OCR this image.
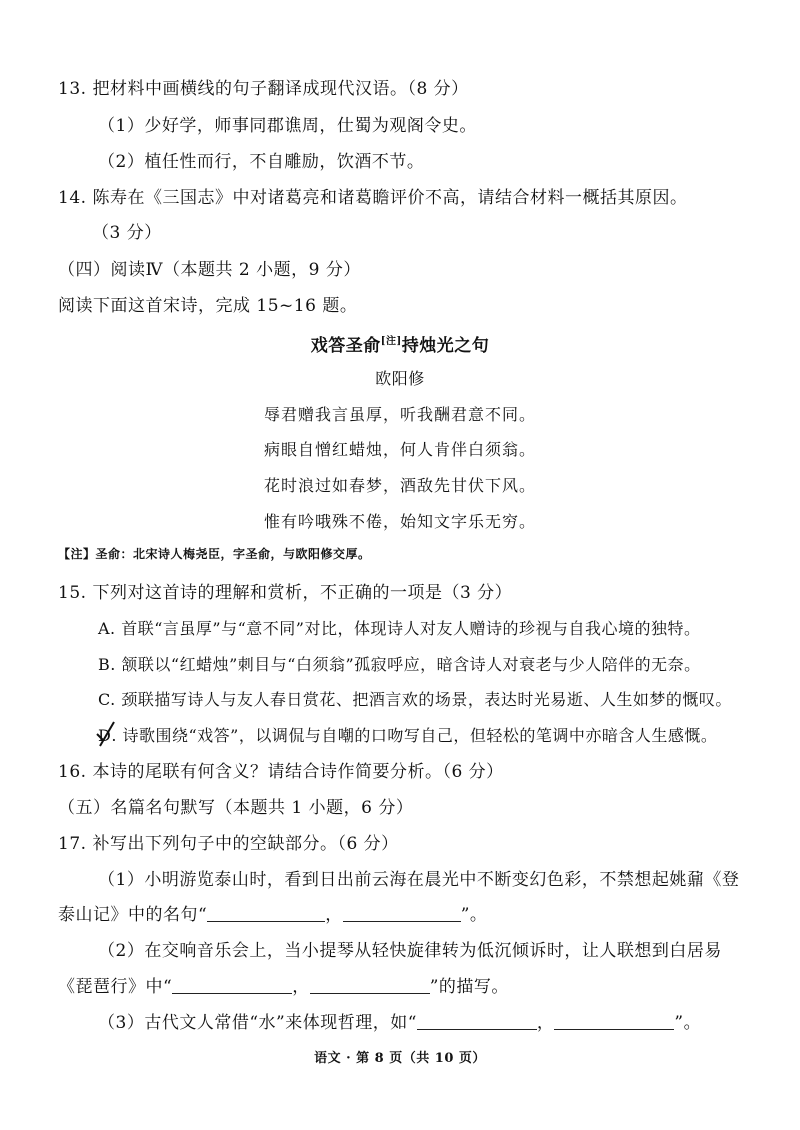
13. 把材料中画横线的句子翻译成现代汉语。（8 分）
（1）少好学，师事同郡谯周，仕蜀为观阁令史。
（2）植任性而行，不自雕励，饮酒不节。
14. 陈寿在《三国志》中对诸葛亮和诸葛瞻评价不高，请结合材料一概括其原因。
（3 分）
（四）阅读Ⅳ（本题共 2 小题，9 分）
阅读下面这首宋诗，完成 15~16 题。
戏答圣俞[注]持烛光之句
欧阳修
辱君赠我言虽厚，听我酬君意不同。
病眼自憎红蜡烛，何人肯伴白须翁。
花时浪过如春梦，酒敌先甘伏下风。
惟有吟哦殊不倦，始知文字乐无穷。
【注】圣俞：北宋诗人梅尧臣，字圣俞，与欧阳修交厚。
15. 下列对这首诗的理解和赏析，不正确的一项是（3 分）
A. 首联“言虽厚”与“意不同”对比，体现诗人对友人赠诗的珍视与自我心境的独特。
B. 颔联以“红蜡烛”刺目与“白须翁”孤寂呼应，暗含诗人对衰老与少人陪伴的无奈。
C. 颈联描写诗人与友人春日赏花、把酒言欢的场景，表达时光易逝、人生如梦的慨叹。
D
. 诗歌围绕“戏答”，以调侃与自嘲的口吻写自己，但轻松的笔调中亦暗含人生感慨。
16. 本诗的尾联有何含义？请结合诗作简要分析。（6 分）
（五）名篇名句默写（本题共 1 小题，6 分）
17. 补写出下列句子中的空缺部分。（6 分）
（1）小明游览泰山时，看到日出前云海在晨光中不断变幻色彩，不禁想起姚鼐《登
泰山记》中的名句“	，	”。
（2）在交响音乐会上，当小提琴从轻快旋律转为低沉倾诉时，让人联想到白居易
《琵琶行》中“	，	”的描写。
（3）古代文人常借“水”来体现哲理，如“	，	”。
语文 · 第 8 页（共 10 页）
